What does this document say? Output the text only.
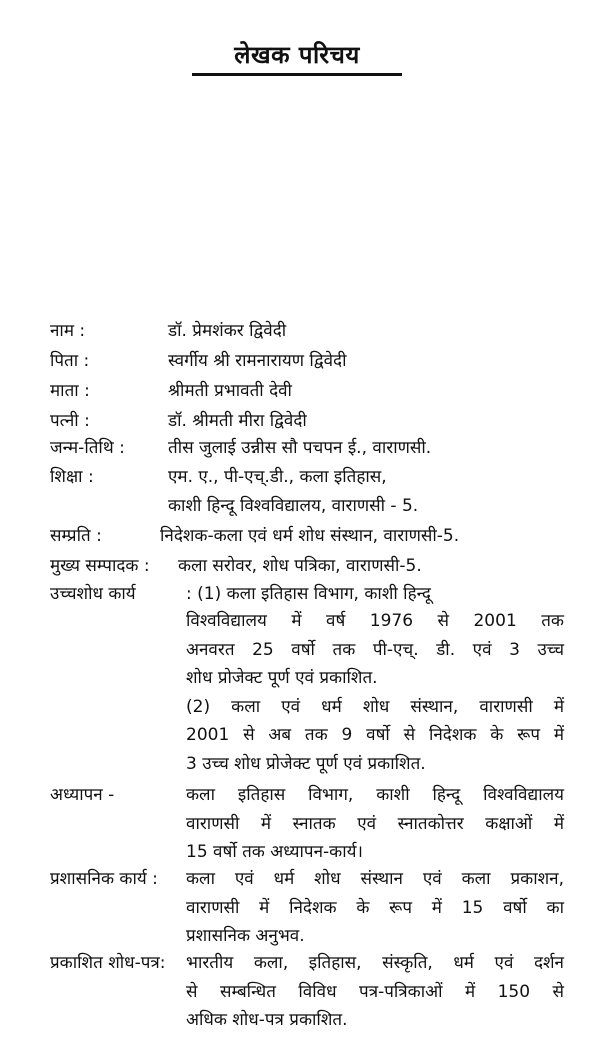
लेखक परिचय
नाम :	डॉ. प्रेमशंकर द्विवेदी
पिता :	स्वर्गीय श्री रामनारायण द्विवेदी
माता :	श्रीमती प्रभावती देवी
पत्नी :	डॉ. श्रीमती मीरा द्विवेदी
जन्म-तिथि :	तीस जुलाई उन्नीस सौ पचपन ई., वाराणसी.
शिक्षा :	एम. ए., पी-एच्.डी., कला इतिहास,
काशी हिन्दू विश्वविद्यालय, वाराणसी - 5.
सम्प्रति :	निदेशक-कला एवं धर्म शोध संस्थान, वाराणसी-5.
मुख्य सम्पादक : कला सरोवर, शोध पत्रिका, वाराणसी-5.
उच्चशोध कार्य	: (1) कला इतिहास विभाग, काशी हिन्दू
विश्वविद्यालय में वर्ष 1976 से 2001 तक
अनवरत 25 वर्षो तक पी-एच्. डी. एवं 3 उच्च
शोध प्रोजेक्ट पूर्ण एवं प्रकाशित.
(2) कला एवं धर्म शोध संस्थान, वाराणसी में
2001 से अब तक 9 वर्षो से निदेशक के रूप में
3 उच्च शोध प्रोजेक्ट पूर्ण एवं प्रकाशित.
अध्यापन -	कला इतिहास विभाग, काशी हिन्दू विश्वविद्यालय
वाराणसी में स्नातक एवं स्नातकोत्तर कक्षाओं में
15 वर्षो तक अध्यापन-कार्य।
प्रशासनिक कार्य : कला एवं धर्म शोध संस्थान एवं कला प्रकाशन,
वाराणसी में निदेशक के रूप में 15 वर्षो का
प्रशासनिक अनुभव.
प्रकाशित शोध-पत्र: भारतीय कला, इतिहास, संस्कृति, धर्म एवं दर्शन
से सम्बन्धित विविध पत्र-पत्रिकाओं में 150 से
अधिक शोध-पत्र प्रकाशित.
